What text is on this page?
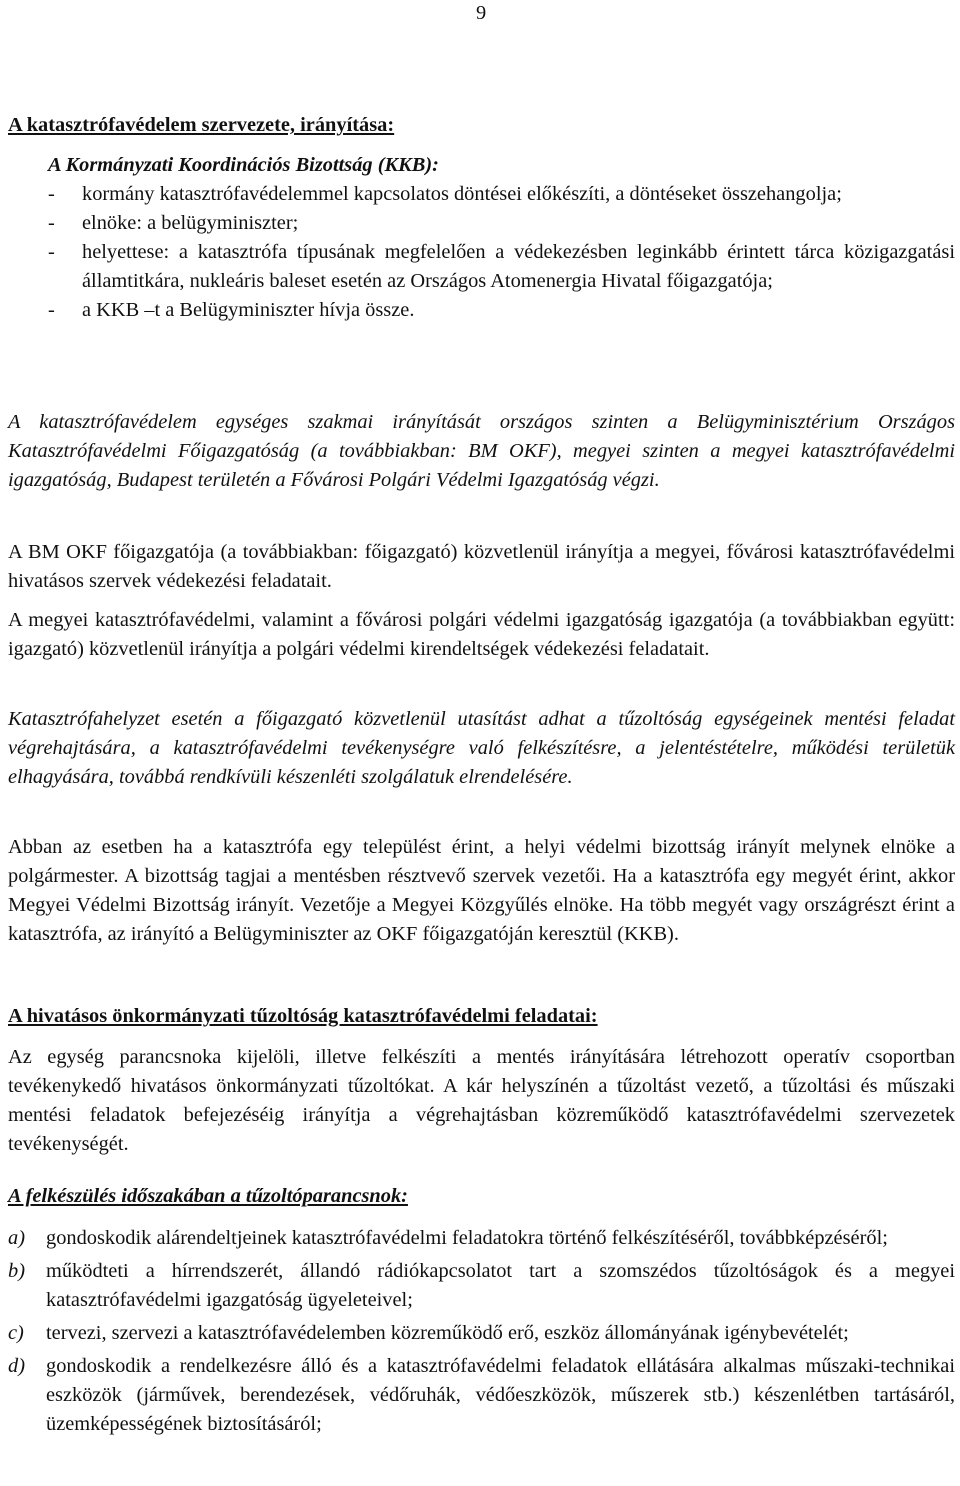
9

A katasztrófavédelem szervezete, irányítása:

A Kormányzati Koordinációs Bizottság (KKB):

- kormány katasztrófavédelemmel kapcsolatos döntései előkészíti, a döntéseket összehangolja;
- elnöke: a belügyminiszter;
- helyettese: a katasztrófa típusának megfelelően a védekezésben leginkább érintett tárca közigazgatási államtitkára, nukleáris baleset esetén az Országos Atomenergia Hivatal főigazgatója;
- a KKB –t a Belügyminiszter hívja össze.

A katasztrófavédelem egységes szakmai irányítását országos szinten a Belügyminisztérium Országos Katasztrófavédelmi Főigazgatóság (a továbbiakban: BM OKF), megyei szinten a megyei katasztrófavédelmi igazgatóság, Budapest területén a Fővárosi Polgári Védelmi Igazgatóság végzi.

A BM OKF főigazgatója (a továbbiakban: főigazgató) közvetlenül irányítja a megyei, fővárosi katasztrófavédelmi hivatásos szervek védekezési feladatait.

A megyei katasztrófavédelmi, valamint a fővárosi polgári védelmi igazgatóság igazgatója (a továbbiakban együtt: igazgató) közvetlenül irányítja a polgári védelmi kirendeltségek védekezési feladatait.

Katasztrófahelyzet esetén a főigazgató közvetlenül utasítást adhat a tűzoltóság egységeinek mentési feladat végrehajtására, a katasztrófavédelmi tevékenységre való felkészítésre, a jelentéstételre, működési területük elhagyására, továbbá rendkívüli készenléti szolgálatuk elrendelésére.

Abban az esetben ha a katasztrófa egy települést érint, a helyi védelmi bizottság irányít melynek elnöke a polgármester. A bizottság tagjai a mentésben résztvevő szervek vezetői. Ha a katasztrófa egy megyét érint, akkor Megyei Védelmi Bizottság irányít. Vezetője a Megyei Közgyűlés elnöke. Ha több megyét vagy országrészt érint a katasztrófa, az irányító a Belügyminiszter az OKF főigazgatóján keresztül (KKB).

A hivatásos önkormányzati tűzoltóság katasztrófavédelmi feladatai:

Az egység parancsnoka kijelöli, illetve felkészíti a mentés irányítására létrehozott operatív csoportban tevékenykedő hivatásos önkormányzati tűzoltókat. A kár helyszínén a tűzoltást vezető, a tűzoltási és műszaki mentési feladatok befejezéséig irányítja a végrehajtásban közreműködő katasztrófavédelmi szervezetek tevékenységét.

A felkészülés időszakában a tűzoltóparancsnok:

a) gondoskodik alárendeltjeinek katasztrófavédelmi feladatokra történő felkészítéséről, továbbképzéséről;
b) működteti a hírrendszerét, állandó rádiókapcsolatot tart a szomszédos tűzoltóságok és a megyei katasztrófavédelmi igazgatóság ügyeleteivel;
c) tervezi, szervezi a katasztrófavédelemben közreműködő erő, eszköz állományának igénybevételét;
d) gondoskodik a rendelkezésre álló és a katasztrófavédelmi feladatok ellátására alkalmas műszaki-technikai eszközök (járművek, berendezések, védőruhák, védőeszközök, műszerek stb.) készenlétben tartásáról, üzemképességének biztosításáról;
